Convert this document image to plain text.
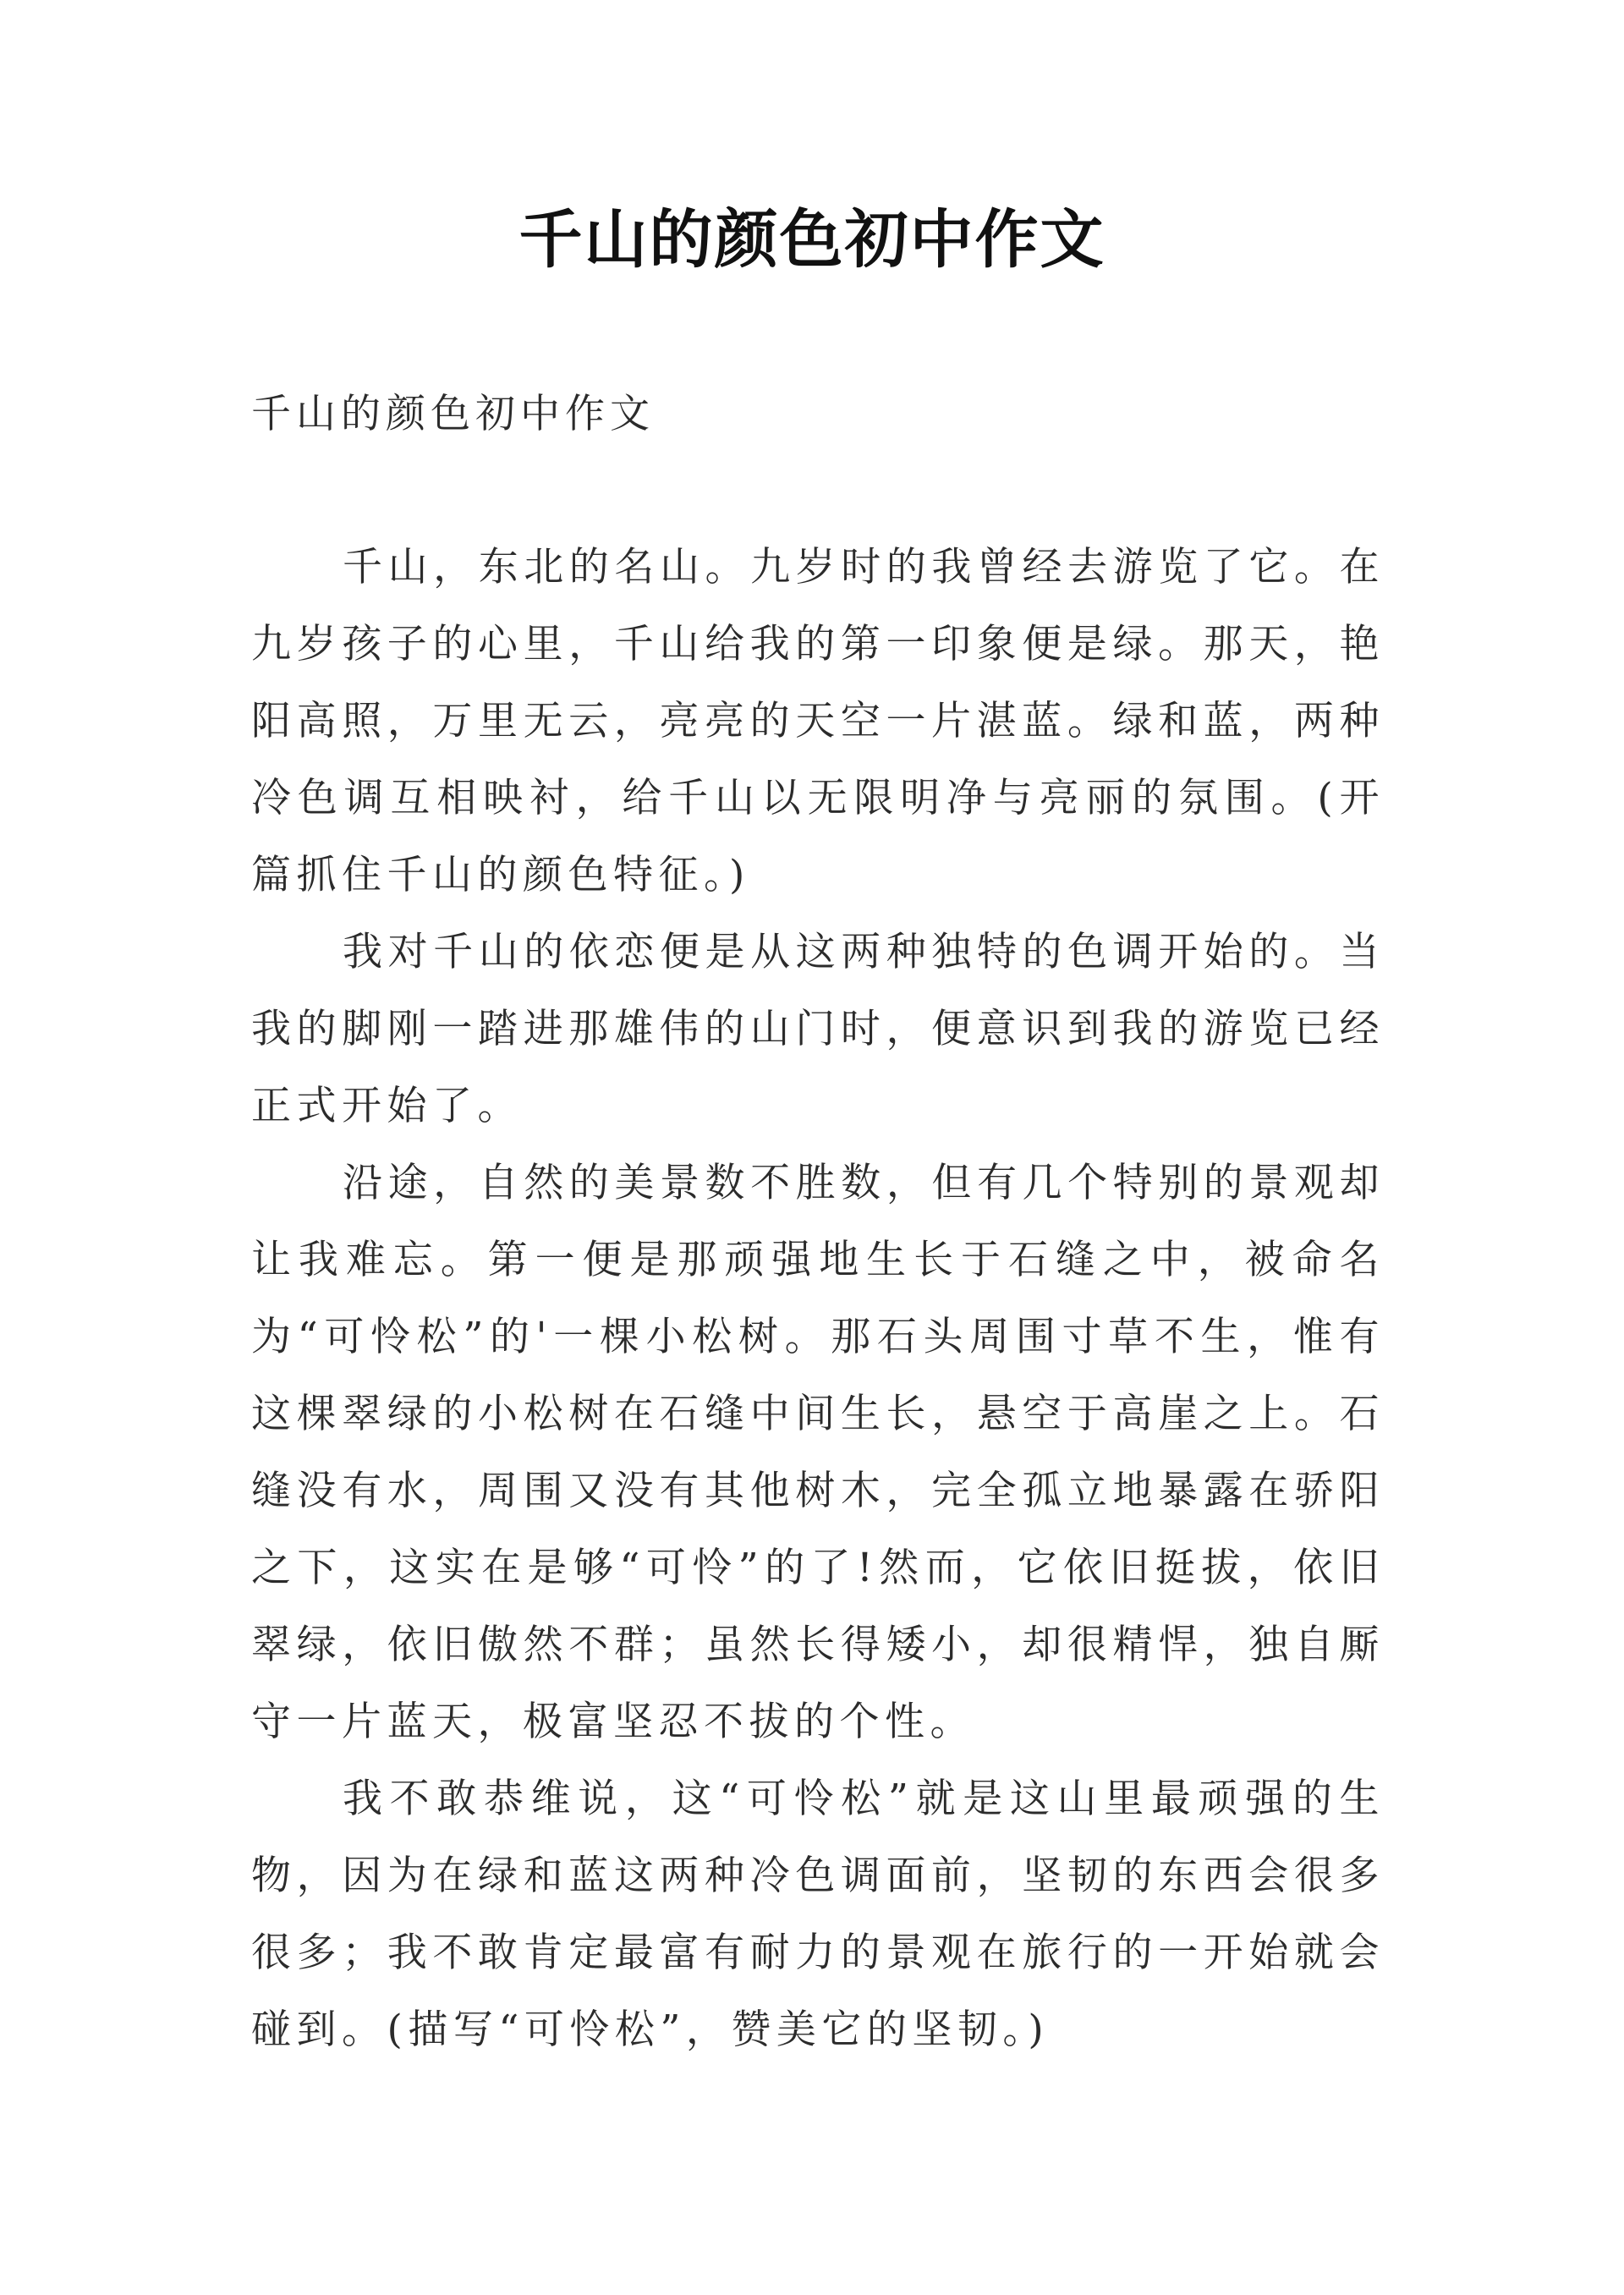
千山的颜色初中作文

千山的颜色初中作文

千山，东北的名山。九岁时的我曾经去游览了它。在九岁孩子的心里，千山给我的第一印象便是绿。那天，艳阳高照，万里无云，亮亮的天空一片湛蓝。绿和蓝，两种冷色调互相映衬，给千山以无限明净与亮丽的氛围。(开篇抓住千山的颜色特征。)

我对千山的依恋便是从这两种独特的色调开始的。当我的脚刚一踏进那雄伟的山门时，便意识到我的游览已经正式开始了。

沿途，自然的美景数不胜数，但有几个特别的景观却让我难忘。第一便是那顽强地生长于石缝之中，被命名为“可怜松”的'一棵小松树。那石头周围寸草不生，惟有这棵翠绿的小松树在石缝中间生长，悬空于高崖之上。石缝没有水，周围又没有其他树木，完全孤立地暴露在骄阳之下，这实在是够“可怜”的了!然而，它依旧挺拔，依旧翠绿，依旧傲然不群；虽然长得矮小，却很精悍，独自厮守一片蓝天，极富坚忍不拔的个性。

我不敢恭维说，这“可怜松”就是这山里最顽强的生物，因为在绿和蓝这两种冷色调面前，坚韧的东西会很多很多；我不敢肯定最富有耐力的景观在旅行的一开始就会碰到。(描写“可怜松”，赞美它的坚韧。)
